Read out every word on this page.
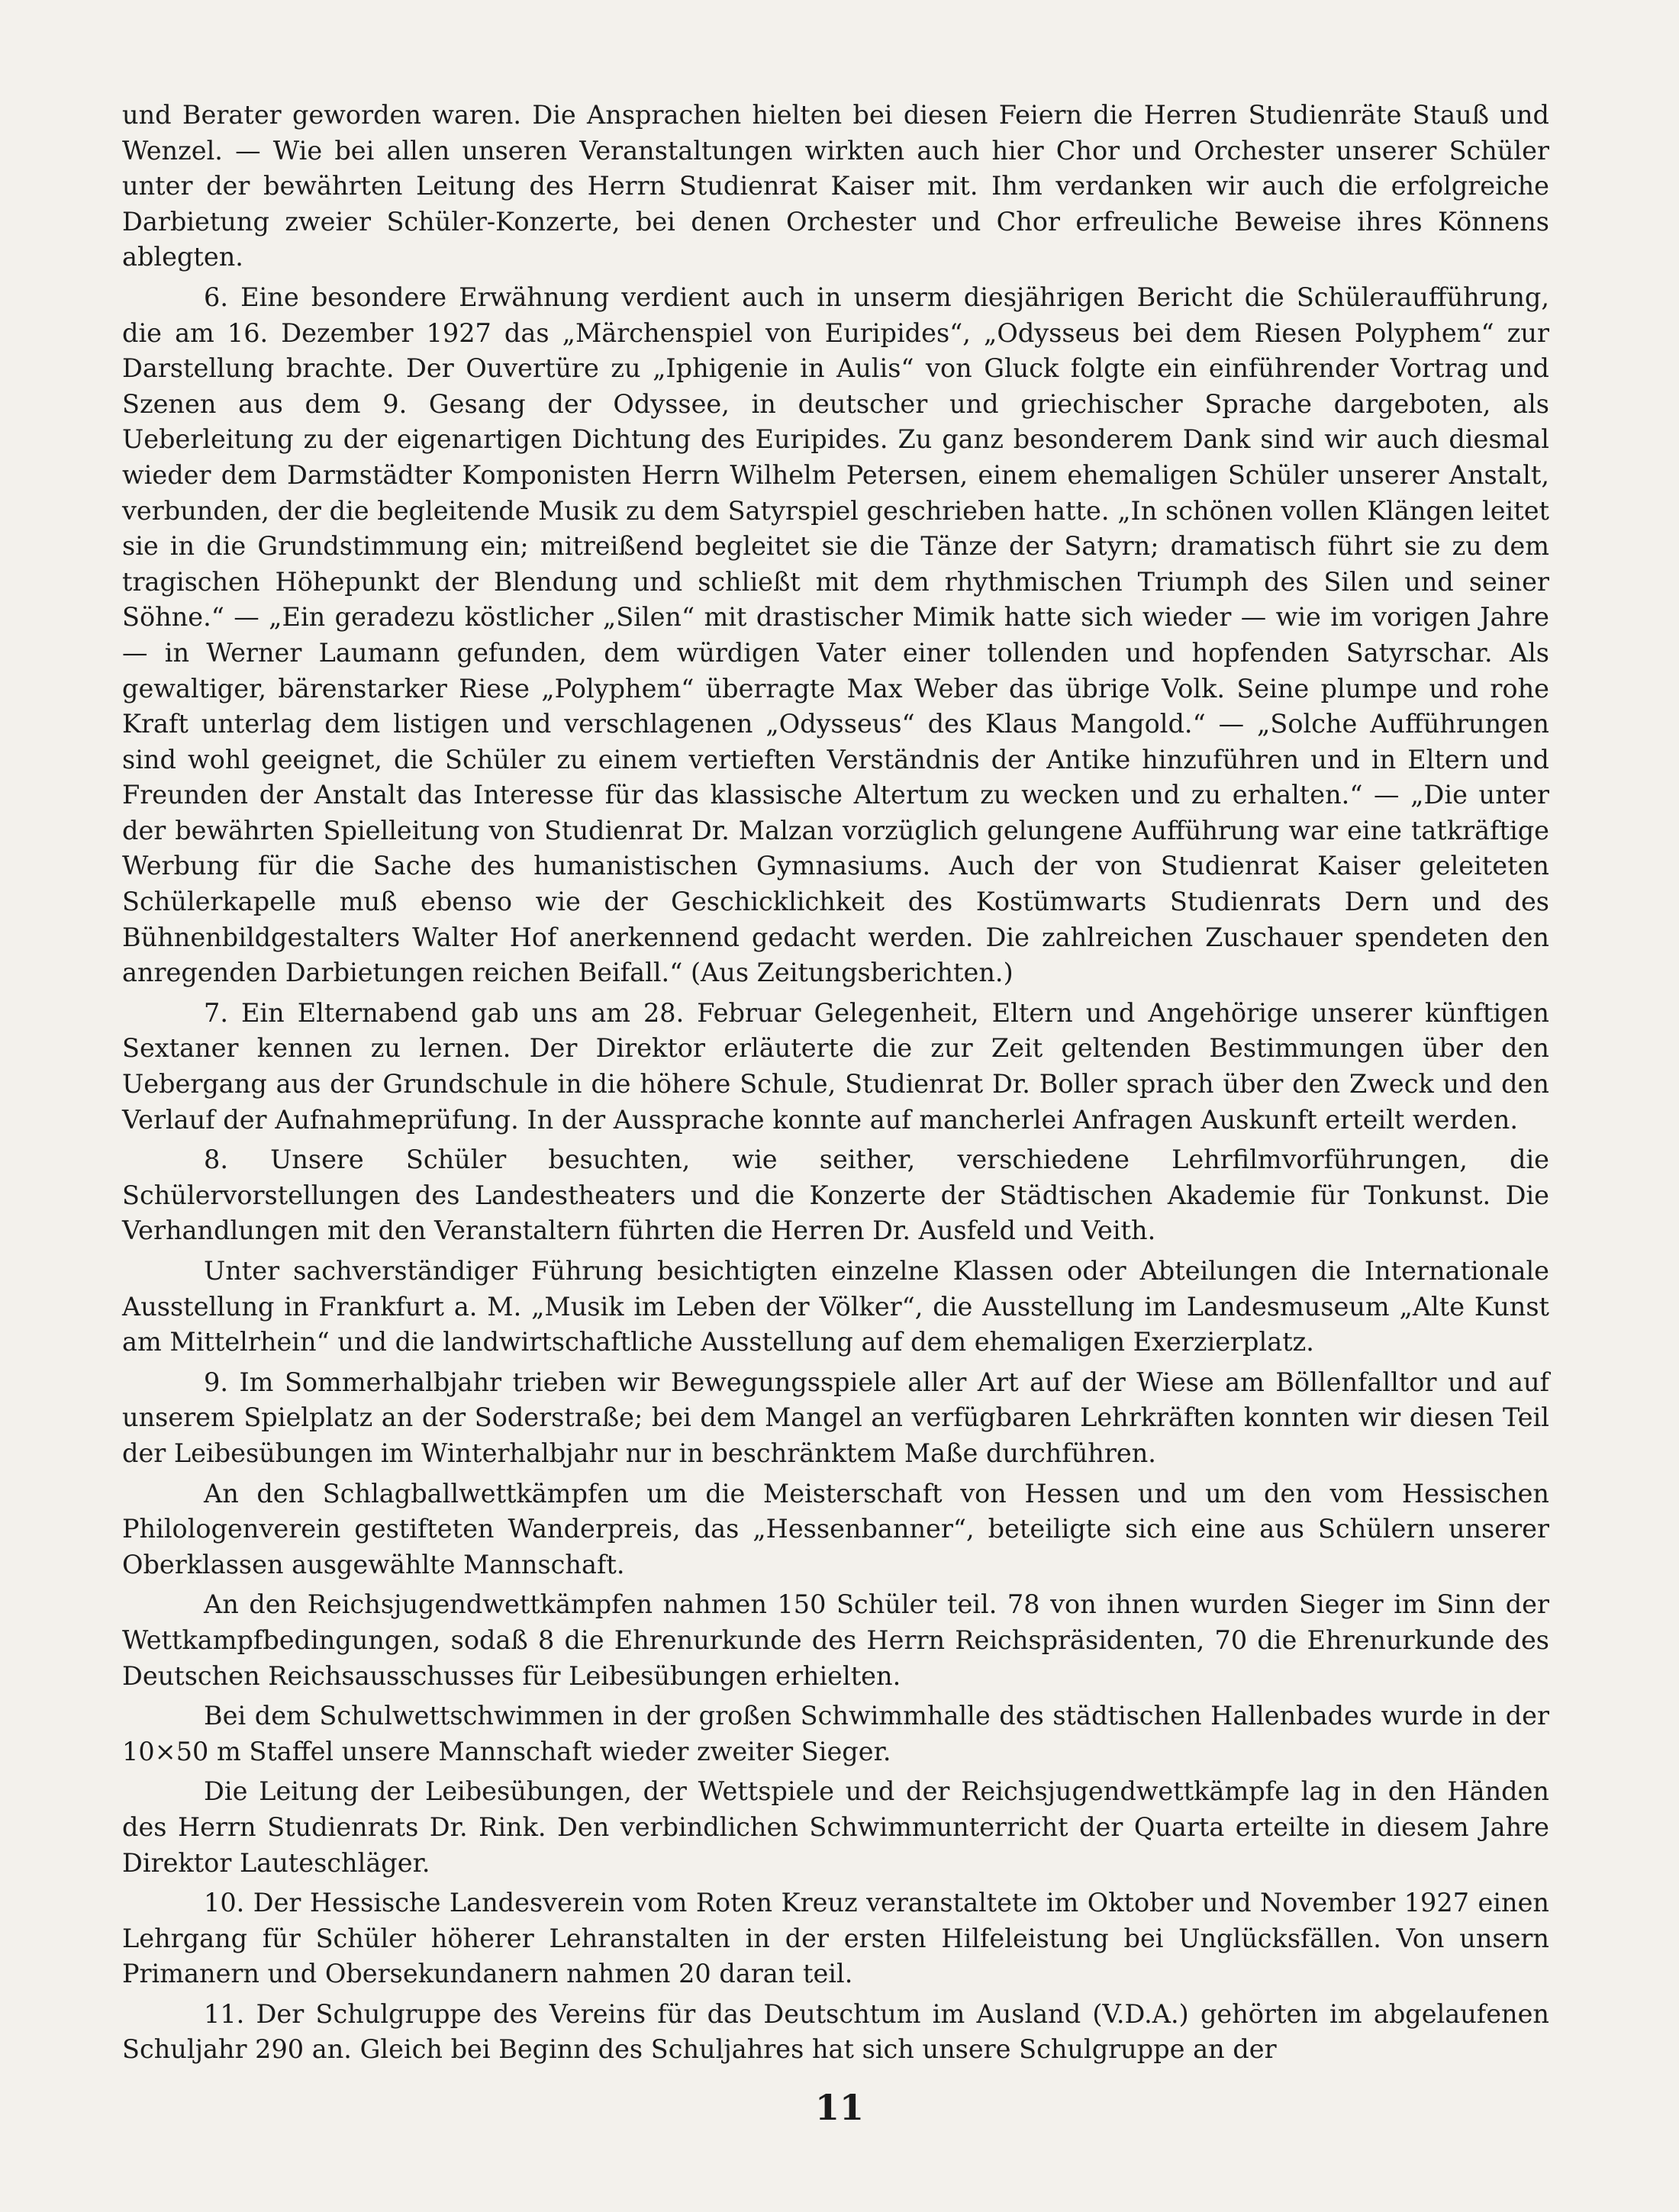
und Berater geworden waren. Die Ansprachen hielten bei diesen Feiern die Herren Studienräte Stauß und Wenzel. — Wie bei allen unseren Veranstaltungen wirkten auch hier Chor und Orchester unserer Schüler unter der bewährten Leitung des Herrn Studienrat Kaiser mit. Ihm verdanken wir auch die erfolgreiche Darbietung zweier Schüler-Konzerte, bei denen Orchester und Chor erfreuliche Beweise ihres Könnens ablegten.

6. Eine besondere Erwähnung verdient auch in unserm diesjährigen Bericht die Schüleraufführung, die am 16. Dezember 1927 das „Märchenspiel von Euripides“, „Odysseus bei dem Riesen Polyphem“ zur Darstellung brachte. Der Ouvertüre zu „Iphigenie in Aulis“ von Gluck folgte ein einführender Vortrag und Szenen aus dem 9. Gesang der Odyssee, in deutscher und griechischer Sprache dargeboten, als Ueberleitung zu der eigenartigen Dichtung des Euripides. Zu ganz besonderem Dank sind wir auch diesmal wieder dem Darmstädter Komponisten Herrn Wilhelm Petersen, einem ehemaligen Schüler unserer Anstalt, verbunden, der die begleitende Musik zu dem Satyrspiel geschrieben hatte. „In schönen vollen Klängen leitet sie in die Grundstimmung ein; mitreißend begleitet sie die Tänze der Satyrn; dramatisch führt sie zu dem tragischen Höhepunkt der Blendung und schließt mit dem rhythmischen Triumph des Silen und seiner Söhne.“ — „Ein geradezu köstlicher „Silen“ mit drastischer Mimik hatte sich wieder — wie im vorigen Jahre — in Werner Laumann gefunden, dem würdigen Vater einer tollenden und hopfenden Satyrschar. Als gewaltiger, bärenstarker Riese „Polyphem“ überragte Max Weber das übrige Volk. Seine plumpe und rohe Kraft unterlag dem listigen und verschlagenen „Odysseus“ des Klaus Mangold.“ — „Solche Aufführungen sind wohl geeignet, die Schüler zu einem vertieften Verständnis der Antike hinzuführen und in Eltern und Freunden der Anstalt das Interesse für das klassische Altertum zu wecken und zu erhalten.“ — „Die unter der bewährten Spielleitung von Studienrat Dr. Malzan vorzüglich gelungene Aufführung war eine tatkräftige Werbung für die Sache des humanistischen Gymnasiums. Auch der von Studienrat Kaiser geleiteten Schülerkapelle muß ebenso wie der Geschicklichkeit des Kostümwarts Studienrats Dern und des Bühnenbildgestalters Walter Hof anerkennend gedacht werden. Die zahlreichen Zuschauer spendeten den anregenden Darbietungen reichen Beifall.“ (Aus Zeitungsberichten.)

7. Ein Elternabend gab uns am 28. Februar Gelegenheit, Eltern und Angehörige unserer künftigen Sextaner kennen zu lernen. Der Direktor erläuterte die zur Zeit geltenden Bestimmungen über den Uebergang aus der Grundschule in die höhere Schule, Studienrat Dr. Boller sprach über den Zweck und den Verlauf der Aufnahmeprüfung. In der Aussprache konnte auf mancherlei Anfragen Auskunft erteilt werden.

8. Unsere Schüler besuchten, wie seither, verschiedene Lehrfilmvorführungen, die Schülervorstellungen des Landestheaters und die Konzerte der Städtischen Akademie für Tonkunst. Die Verhandlungen mit den Veranstaltern führten die Herren Dr. Ausfeld und Veith.

Unter sachverständiger Führung besichtigten einzelne Klassen oder Abteilungen die Internationale Ausstellung in Frankfurt a. M. „Musik im Leben der Völker“, die Ausstellung im Landesmuseum „Alte Kunst am Mittelrhein“ und die landwirtschaftliche Ausstellung auf dem ehemaligen Exerzierplatz.

9. Im Sommerhalbjahr trieben wir Bewegungsspiele aller Art auf der Wiese am Böllenfalltor und auf unserem Spielplatz an der Soderstraße; bei dem Mangel an verfügbaren Lehrkräften konnten wir diesen Teil der Leibesübungen im Winterhalbjahr nur in beschränktem Maße durchführen.

An den Schlagballwettkämpfen um die Meisterschaft von Hessen und um den vom Hessischen Philologenverein gestifteten Wanderpreis, das „Hessenbanner“, beteiligte sich eine aus Schülern unserer Oberklassen ausgewählte Mannschaft.

An den Reichsjugendwettkämpfen nahmen 150 Schüler teil. 78 von ihnen wurden Sieger im Sinn der Wettkampfbedingungen, sodaß 8 die Ehrenurkunde des Herrn Reichspräsidenten, 70 die Ehrenurkunde des Deutschen Reichsausschusses für Leibesübungen erhielten.

Bei dem Schulwettschwimmen in der großen Schwimmhalle des städtischen Hallenbades wurde in der 10×50 m Staffel unsere Mannschaft wieder zweiter Sieger.

Die Leitung der Leibesübungen, der Wettspiele und der Reichsjugendwettkämpfe lag in den Händen des Herrn Studienrats Dr. Rink. Den verbindlichen Schwimmunterricht der Quarta erteilte in diesem Jahre Direktor Lauteschläger.

10. Der Hessische Landesverein vom Roten Kreuz veranstaltete im Oktober und November 1927 einen Lehrgang für Schüler höherer Lehranstalten in der ersten Hilfeleistung bei Unglücksfällen. Von unsern Primanern und Obersekundanern nahmen 20 daran teil.

11. Der Schulgruppe des Vereins für das Deutschtum im Ausland (V.D.A.) gehörten im abgelaufenen Schuljahr 290 an. Gleich bei Beginn des Schuljahres hat sich unsere Schulgruppe an der

11
